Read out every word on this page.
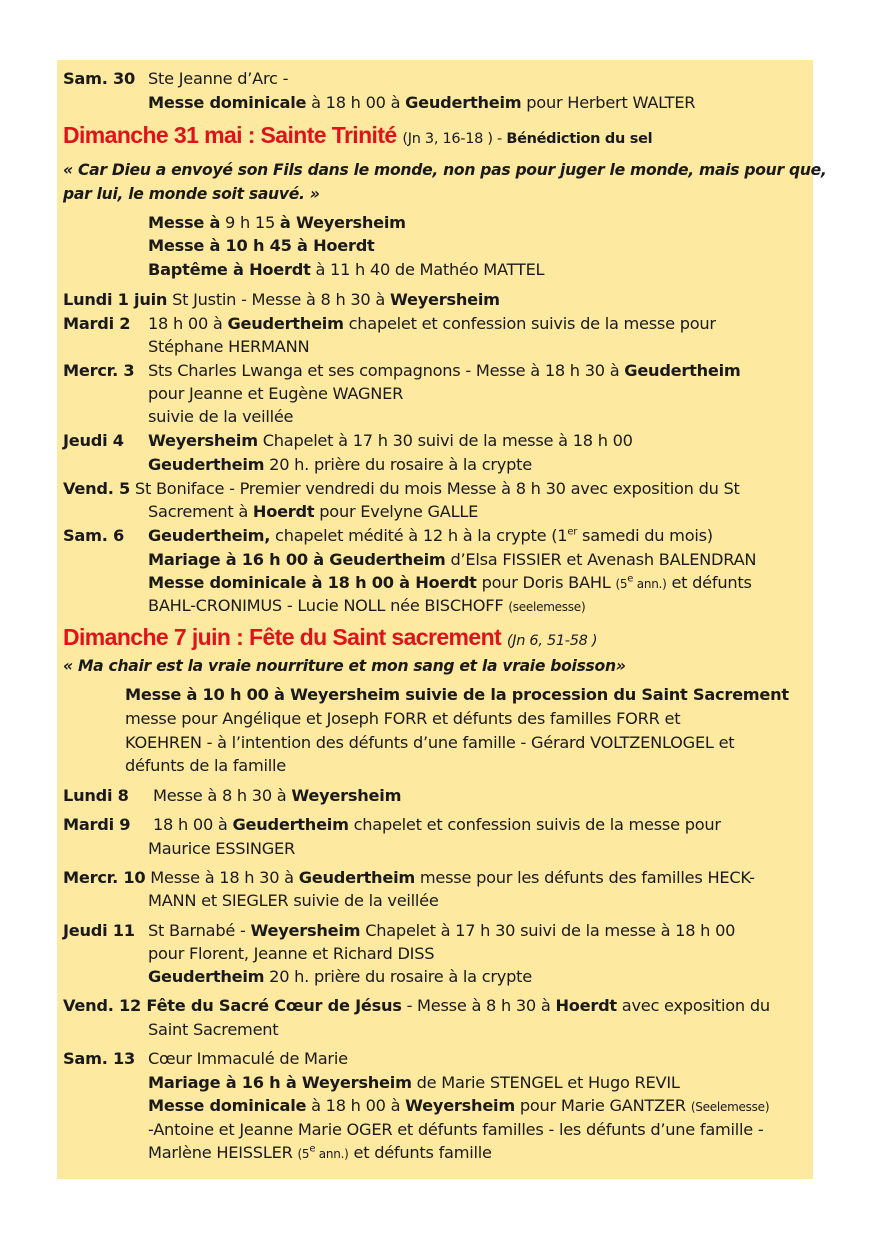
Sam. 30 Ste Jeanne d’Arc -
Messe dominicale à 18 h 00 à Geudertheim pour Herbert WALTER
Dimanche 31 mai : Sainte Trinité (Jn 3, 16-18 ) - Bénédiction du sel
« Car Dieu a envoyé son Fils dans le monde, non pas pour juger le monde, mais pour que,
par lui, le monde soit sauvé. »
Messe à 9 h 15 à Weyersheim
Messe à 10 h 45 à Hoerdt
Baptême à Hoerdt à 11 h 40 de Mathéo MATTEL
Lundi 1 juin St Justin - Messe à 8 h 30 à Weyersheim
Mardi 2 18 h 00 à Geudertheim chapelet et confession suivis de la messe pour
Stéphane HERMANN
Mercr. 3 Sts Charles Lwanga et ses compagnons - Messe à 18 h 30 à Geudertheim
pour Jeanne et Eugène WAGNER
suivie de la veillée
Jeudi 4 Weyersheim Chapelet à 17 h 30 suivi de la messe à 18 h 00
Geudertheim 20 h. prière du rosaire à la crypte
Vend. 5 St Boniface - Premier vendredi du mois Messe à 8 h 30 avec exposition du St
Sacrement à Hoerdt pour Evelyne GALLE
Sam. 6 Geudertheim, chapelet médité à 12 h à la crypte (1er samedi du mois)
Mariage à 16 h 00 à Geudertheim d’Elsa FISSIER et Avenash BALENDRAN
Messe dominicale à 18 h 00 à Hoerdt pour Doris BAHL (5e ann.) et défunts
BAHL-CRONIMUS - Lucie NOLL née BISCHOFF (seelemesse)
Dimanche 7 juin : Fête du Saint sacrement (Jn 6, 51-58 )
« Ma chair est la vraie nourriture et mon sang et la vraie boisson»
Messe à 10 h 00 à Weyersheim suivie de la procession du Saint Sacrement
messe pour Angélique et Joseph FORR et défunts des familles FORR et
KOEHREN - à l’intention des défunts d’une famille - Gérard VOLTZENLOGEL et
défunts de la famille
Lundi 8 Messe à 8 h 30 à Weyersheim
Mardi 9 18 h 00 à Geudertheim chapelet et confession suivis de la messe pour
Maurice ESSINGER
Mercr. 10 Messe à 18 h 30 à Geudertheim messe pour les défunts des familles HECK-
MANN et SIEGLER suivie de la veillée
Jeudi 11 St Barnabé - Weyersheim Chapelet à 17 h 30 suivi de la messe à 18 h 00
pour Florent, Jeanne et Richard DISS
Geudertheim 20 h. prière du rosaire à la crypte
Vend. 12 Fête du Sacré Cœur de Jésus - Messe à 8 h 30 à Hoerdt avec exposition du
Saint Sacrement
Sam. 13 Cœur Immaculé de Marie
Mariage à 16 h à Weyersheim de Marie STENGEL et Hugo REVIL
Messe dominicale à 18 h 00 à Weyersheim pour Marie GANTZER (Seelemesse)
-Antoine et Jeanne Marie OGER et défunts familles - les défunts d’une famille -
Marlène HEISSLER (5e ann.) et défunts famille
